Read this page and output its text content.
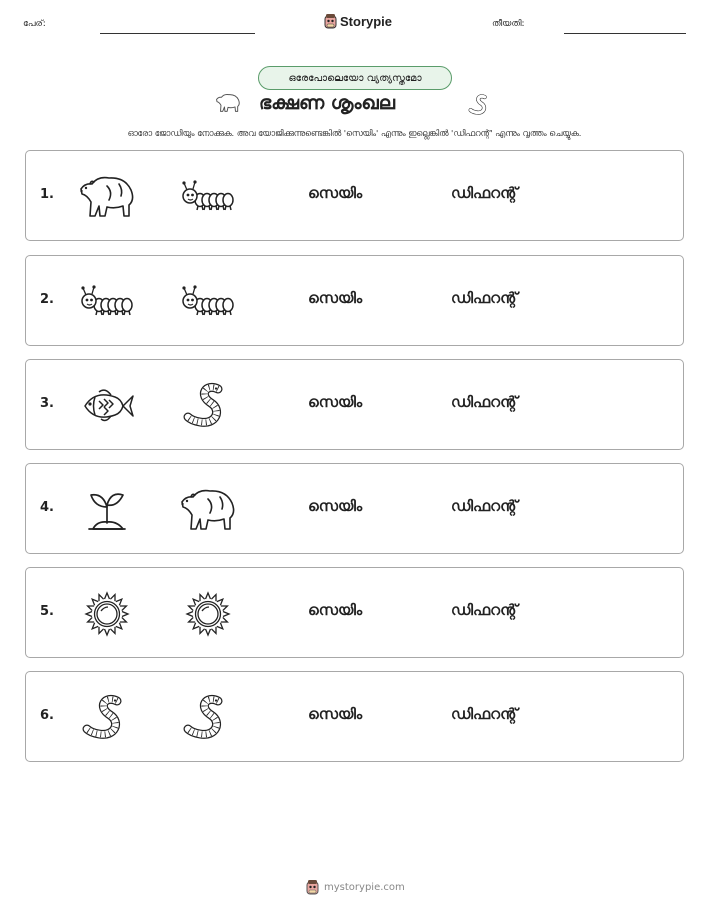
പേര്:	Storypie	തീയതി:
ഒരേപോലെയോ വ്യത്യസ്തമോ
ഭക്ഷണ ശൃംഖല
ഓരോ ജോഡിയും നോക്കുക. അവ യോജിക്കുന്നുണ്ടെങ്കിൽ 'സെയിം' എന്നും ഇല്ലെങ്കിൽ 'ഡിഫറന്റ്' എന്നും വൃത്തം ചെയ്യുക.
1.	സെയിം	ഡിഫറന്റ്
2.	സെയിം	ഡിഫറന്റ്
3.	സെയിം	ഡിഫറന്റ്
4.	സെയിം	ഡിഫറന്റ്
5.	സെയിം	ഡിഫറന്റ്
6.	സെയിം	ഡിഫറന്റ്
mystorypie.com
